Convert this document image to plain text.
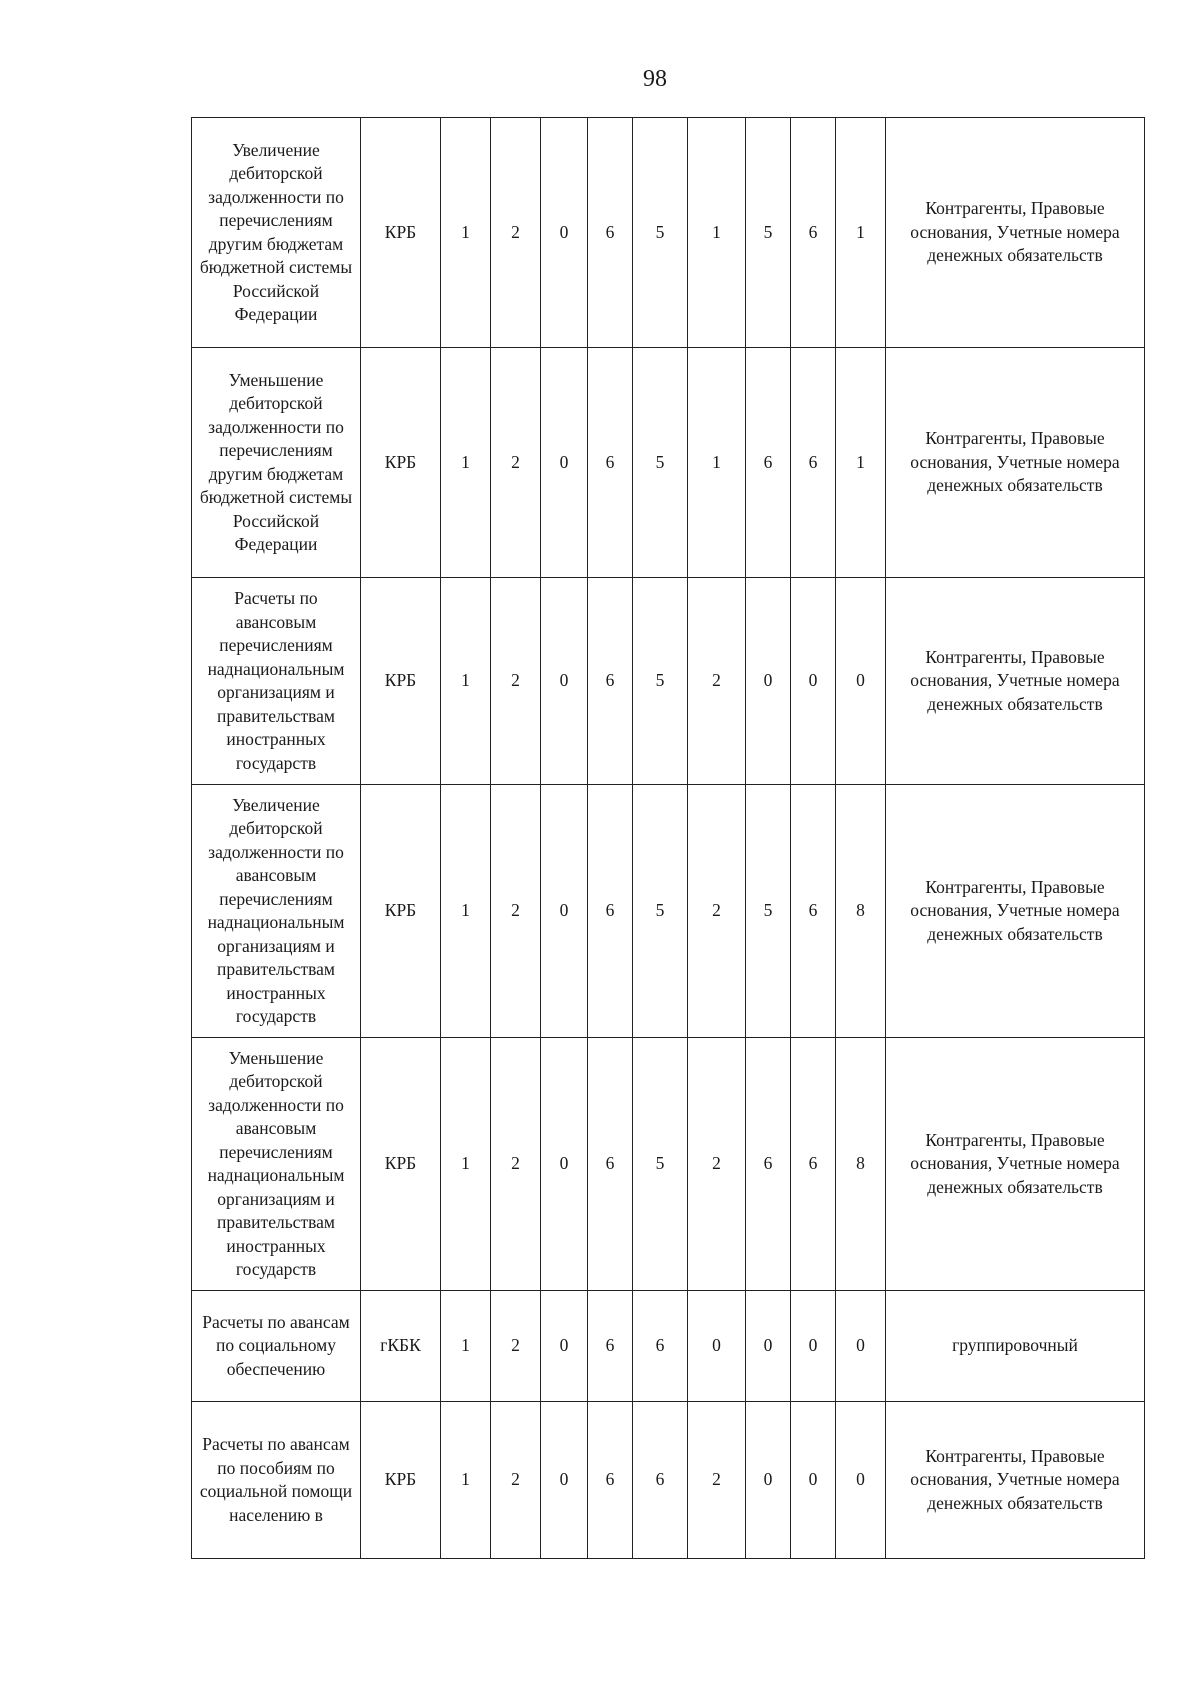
98
Увеличение дебиторской задолженности по перечислениям другим бюджетам бюджетной системы Российской Федерации	КРБ	1	2	0	6	5	1	5	6	1	Контрагенты, Правовые основания, Учетные номера денежных обязательств
Уменьшение дебиторской задолженности по перечислениям другим бюджетам бюджетной системы Российской Федерации	КРБ	1	2	0	6	5	1	6	6	1	Контрагенты, Правовые основания, Учетные номера денежных обязательств
Расчеты по авансовым перечислениям наднациональным организациям и правительствам иностранных государств	КРБ	1	2	0	6	5	2	0	0	0	Контрагенты, Правовые основания, Учетные номера денежных обязательств
Увеличение дебиторской задолженности по авансовым перечислениям наднациональным организациям и правительствам иностранных государств	КРБ	1	2	0	6	5	2	5	6	8	Контрагенты, Правовые основания, Учетные номера денежных обязательств
Уменьшение дебиторской задолженности по авансовым перечислениям наднациональным организациям и правительствам иностранных государств	КРБ	1	2	0	6	5	2	6	6	8	Контрагенты, Правовые основания, Учетные номера денежных обязательств
Расчеты по авансам по социальному обеспечению	гКБК	1	2	0	6	6	0	0	0	0	группировочный
Расчеты по авансам по пособиям по социальной помощи населению в	КРБ	1	2	0	6	6	2	0	0	0	Контрагенты, Правовые основания, Учетные номера денежных обязательств
